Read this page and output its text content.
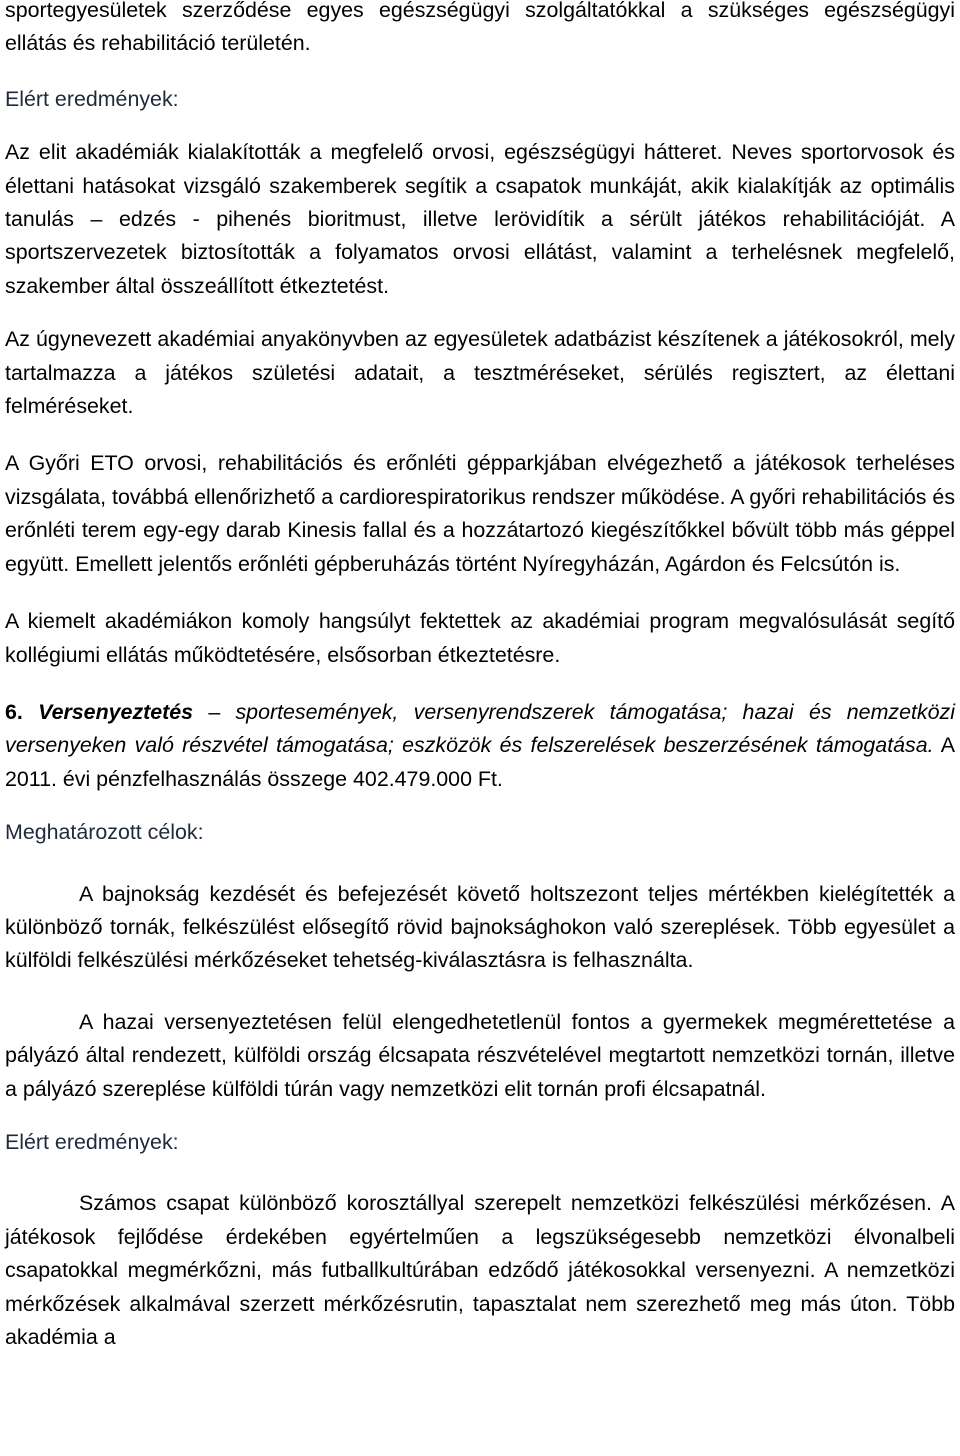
sportegyesületek szerződése egyes egészségügyi szolgáltatókkal a szükséges egészségügyi ellátás és rehabilitáció területén.

Elért eredmények:

Az elit akadémiák kialakították a megfelelő orvosi, egészségügyi hátteret. Neves sportorvosok és élettani hatásokat vizsgáló szakemberek segítik a csapatok munkáját, akik kialakítják az optimális tanulás – edzés - pihenés bioritmust, illetve lerövidítik a sérült játékos rehabilitációját. A sportszervezetek biztosították a folyamatos orvosi ellátást, valamint a terhelésnek megfelelő, szakember által összeállított étkeztetést.

Az úgynevezett akadémiai anyakönyvben az egyesületek adatbázist készítenek a játékosokról, mely tartalmazza a játékos születési adatait, a tesztméréseket, sérülés regisztert, az élettani felméréseket.

A Győri ETO orvosi, rehabilitációs és erőnléti gépparkjában elvégezhető a játékosok terheléses vizsgálata, továbbá ellenőrizhető a cardiorespiratorikus rendszer működése. A győri rehabilitációs és erőnléti terem egy-egy darab Kinesis fallal és a hozzátartozó kiegészítőkkel bővült több más géppel együtt. Emellett jelentős erőnléti gépberuházás történt Nyíregyházán, Agárdon és Felcsútón is.

A kiemelt akadémiákon komoly hangsúlyt fektettek az akadémiai program megvalósulását segítő kollégiumi ellátás működtetésére, elsősorban étkeztetésre.

6. Versenyeztetés – sportesemények, versenyrendszerek támogatása; hazai és nemzetközi versenyeken való részvétel támogatása; eszközök és felszerelések beszerzésének támogatása. A 2011. évi pénzfelhasználás összege 402.479.000 Ft.

Meghatározott célok:

A bajnokság kezdését és befejezését követő holtszezont teljes mértékben kielégítették a különböző tornák, felkészülést elősegítő rövid bajnoksághokon való szereplések. Több egyesület a külföldi felkészülési mérkőzéseket tehetség-kiválasztásra is felhasználta.

A hazai versenyeztetésen felül elengedhetetlenül fontos a gyermekek megmérettetése a pályázó által rendezett, külföldi ország élcsapata részvételével megtartott nemzetközi tornán, illetve a pályázó szereplése külföldi túrán vagy nemzetközi elit tornán profi élcsapatnál.

Elért eredmények:

Számos csapat különböző korosztállyal szerepelt nemzetközi felkészülési mérkőzésen. A játékosok fejlődése érdekében egyértelműen a legszükségesebb nemzetközi élvonalbeli csapatokkal megmérkőzni, más futballkultúrában edződő játékosokkal versenyezni. A nemzetközi mérkőzések alkalmával szerzett mérkőzésrutin, tapasztalat nem szerezhető meg más úton. Több akadémia a
